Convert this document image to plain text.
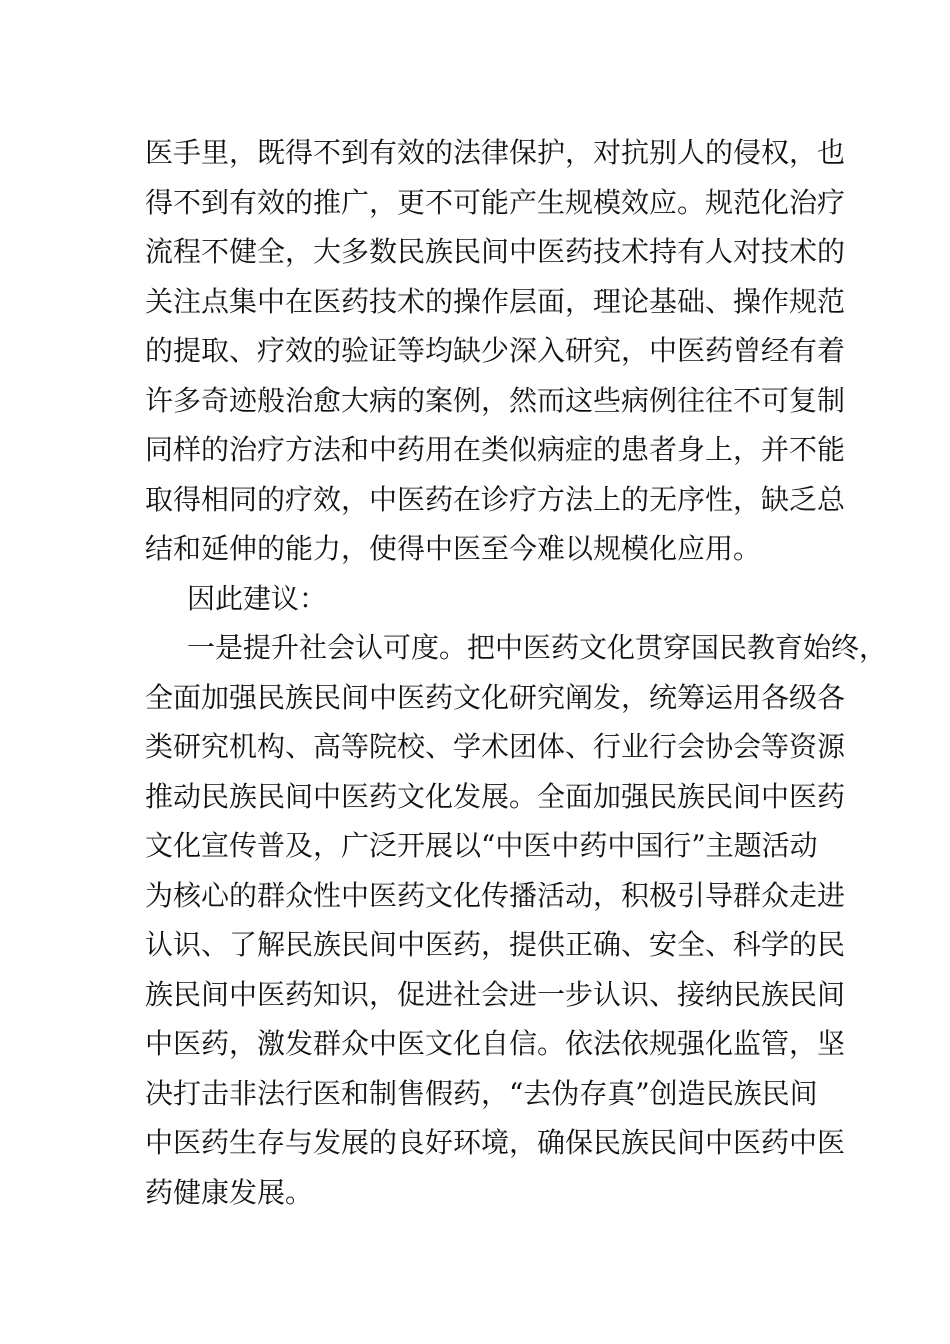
医手里，既得不到有效的法律保护，对抗别人的侵权，也
得不到有效的推广，更不可能产生规模效应。规范化治疗
流程不健全，大多数民族民间中医药技术持有人对技术的
关注点集中在医药技术的操作层面，理论基础、操作规范
的提取、疗效的验证等均缺少深入研究，中医药曾经有着
许多奇迹般治愈大病的案例，然而这些病例往往不可复制
同样的治疗方法和中药用在类似病症的患者身上，并不能
取得相同的疗效，中医药在诊疗方法上的无序性，缺乏总
结和延伸的能力，使得中医至今难以规模化应用。
因此建议：
一是提升社会认可度。把中医药文化贯穿国民教育始终，
全面加强民族民间中医药文化研究阐发，统筹运用各级各
类研究机构、高等院校、学术团体、行业行会协会等资源
推动民族民间中医药文化发展。全面加强民族民间中医药
文化宣传普及，广泛开展以“中医中药中国行”主题活动
为核心的群众性中医药文化传播活动，积极引导群众走进
认识、了解民族民间中医药，提供正确、安全、科学的民
族民间中医药知识，促进社会进一步认识、接纳民族民间
中医药，激发群众中医文化自信。依法依规强化监管，坚
决打击非法行医和制售假药，“去伪存真”创造民族民间
中医药生存与发展的良好环境，确保民族民间中医药中医
药健康发展。
